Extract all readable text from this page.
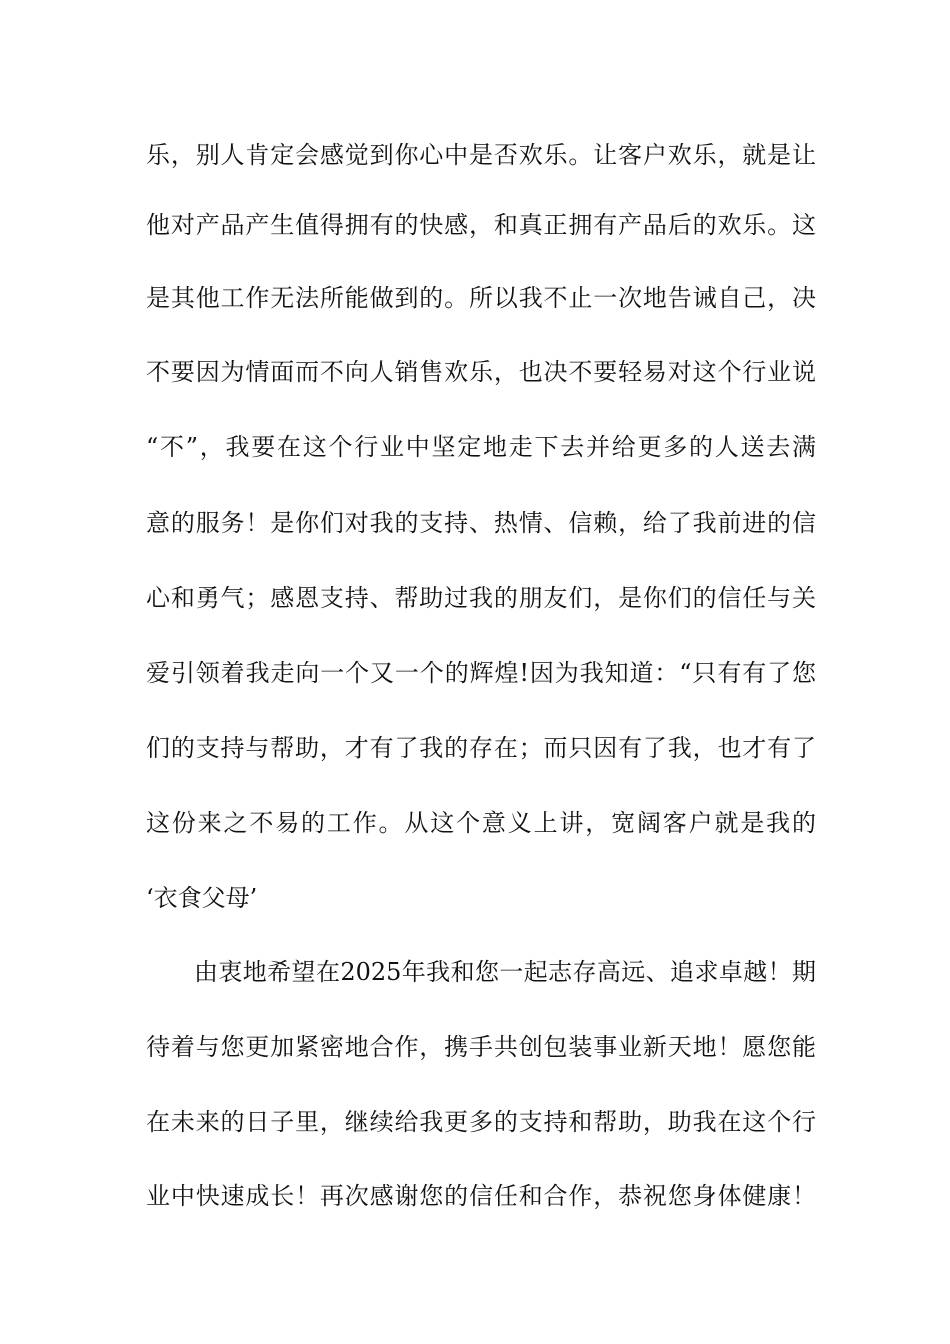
乐，别人肯定会感觉到你心中是否欢乐。让客户欢乐，就是让
他对产品产生值得拥有的快感，和真正拥有产品后的欢乐。这
是其他工作无法所能做到的。所以我不止一次地告诫自己，决
不要因为情面而不向人销售欢乐，也决不要轻易对这个行业说
“不”，我要在这个行业中坚定地走下去并给更多的人送去满
意的服务！是你们对我的支持、热情、信赖，给了我前进的信
心和勇气；感恩支持、帮助过我的朋友们，是你们的信任与关
爱引领着我走向一个又一个的辉煌!因为我知道：“只有有了您
们的支持与帮助，才有了我的存在；而只因有了我，也才有了
这份来之不易的工作。从这个意义上讲，宽阔客户就是我的
‘衣食父母’
由衷地希望在2025年我和您一起志存高远、追求卓越！期
待着与您更加紧密地合作，携手共创包装事业新天地！愿您能
在未来的日子里，继续给我更多的支持和帮助，助我在这个行
业中快速成长！再次感谢您的信任和合作，恭祝您身体健康！
